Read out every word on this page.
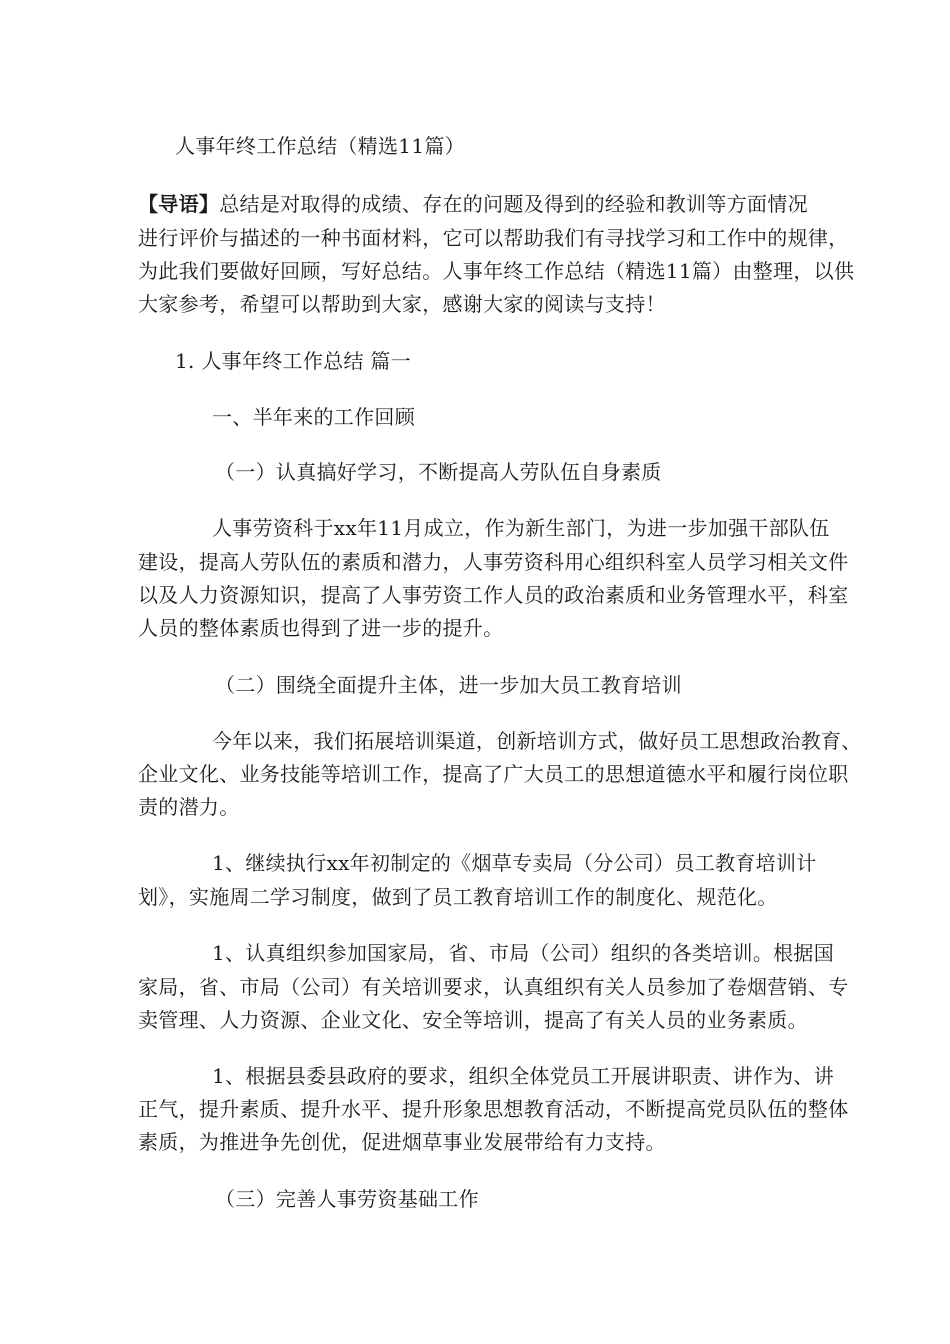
人事年终工作总结（精选11篇）
【导语】总结是对取得的成绩、存在的问题及得到的经验和教训等方面情况
进行评价与描述的一种书面材料，它可以帮助我们有寻找学习和工作中的规律，
为此我们要做好回顾，写好总结。人事年终工作总结（精选11篇）由整理，以供
大家参考，希望可以帮助到大家，感谢大家的阅读与支持！
1. 人事年终工作总结 篇一
一、半年来的工作回顾
（一）认真搞好学习，不断提高人劳队伍自身素质
人事劳资科于xx年11月成立，作为新生部门，为进一步加强干部队伍
建设，提高人劳队伍的素质和潜力，人事劳资科用心组织科室人员学习相关文件
以及人力资源知识，提高了人事劳资工作人员的政治素质和业务管理水平，科室
人员的整体素质也得到了进一步的提升。
（二）围绕全面提升主体，进一步加大员工教育培训
今年以来，我们拓展培训渠道，创新培训方式，做好员工思想政治教育、
企业文化、业务技能等培训工作，提高了广大员工的思想道德水平和履行岗位职
责的潜力。
1、继续执行xx年初制定的《烟草专卖局（分公司）员工教育培训计
划》，实施周二学习制度，做到了员工教育培训工作的制度化、规范化。
1、认真组织参加国家局，省、市局（公司）组织的各类培训。根据国
家局，省、市局（公司）有关培训要求，认真组织有关人员参加了卷烟营销、专
卖管理、人力资源、企业文化、安全等培训，提高了有关人员的业务素质。
1、根据县委县政府的要求，组织全体党员工开展讲职责、讲作为、讲
正气，提升素质、提升水平、提升形象思想教育活动，不断提高党员队伍的整体
素质，为推进争先创优，促进烟草事业发展带给有力支持。
（三）完善人事劳资基础工作
